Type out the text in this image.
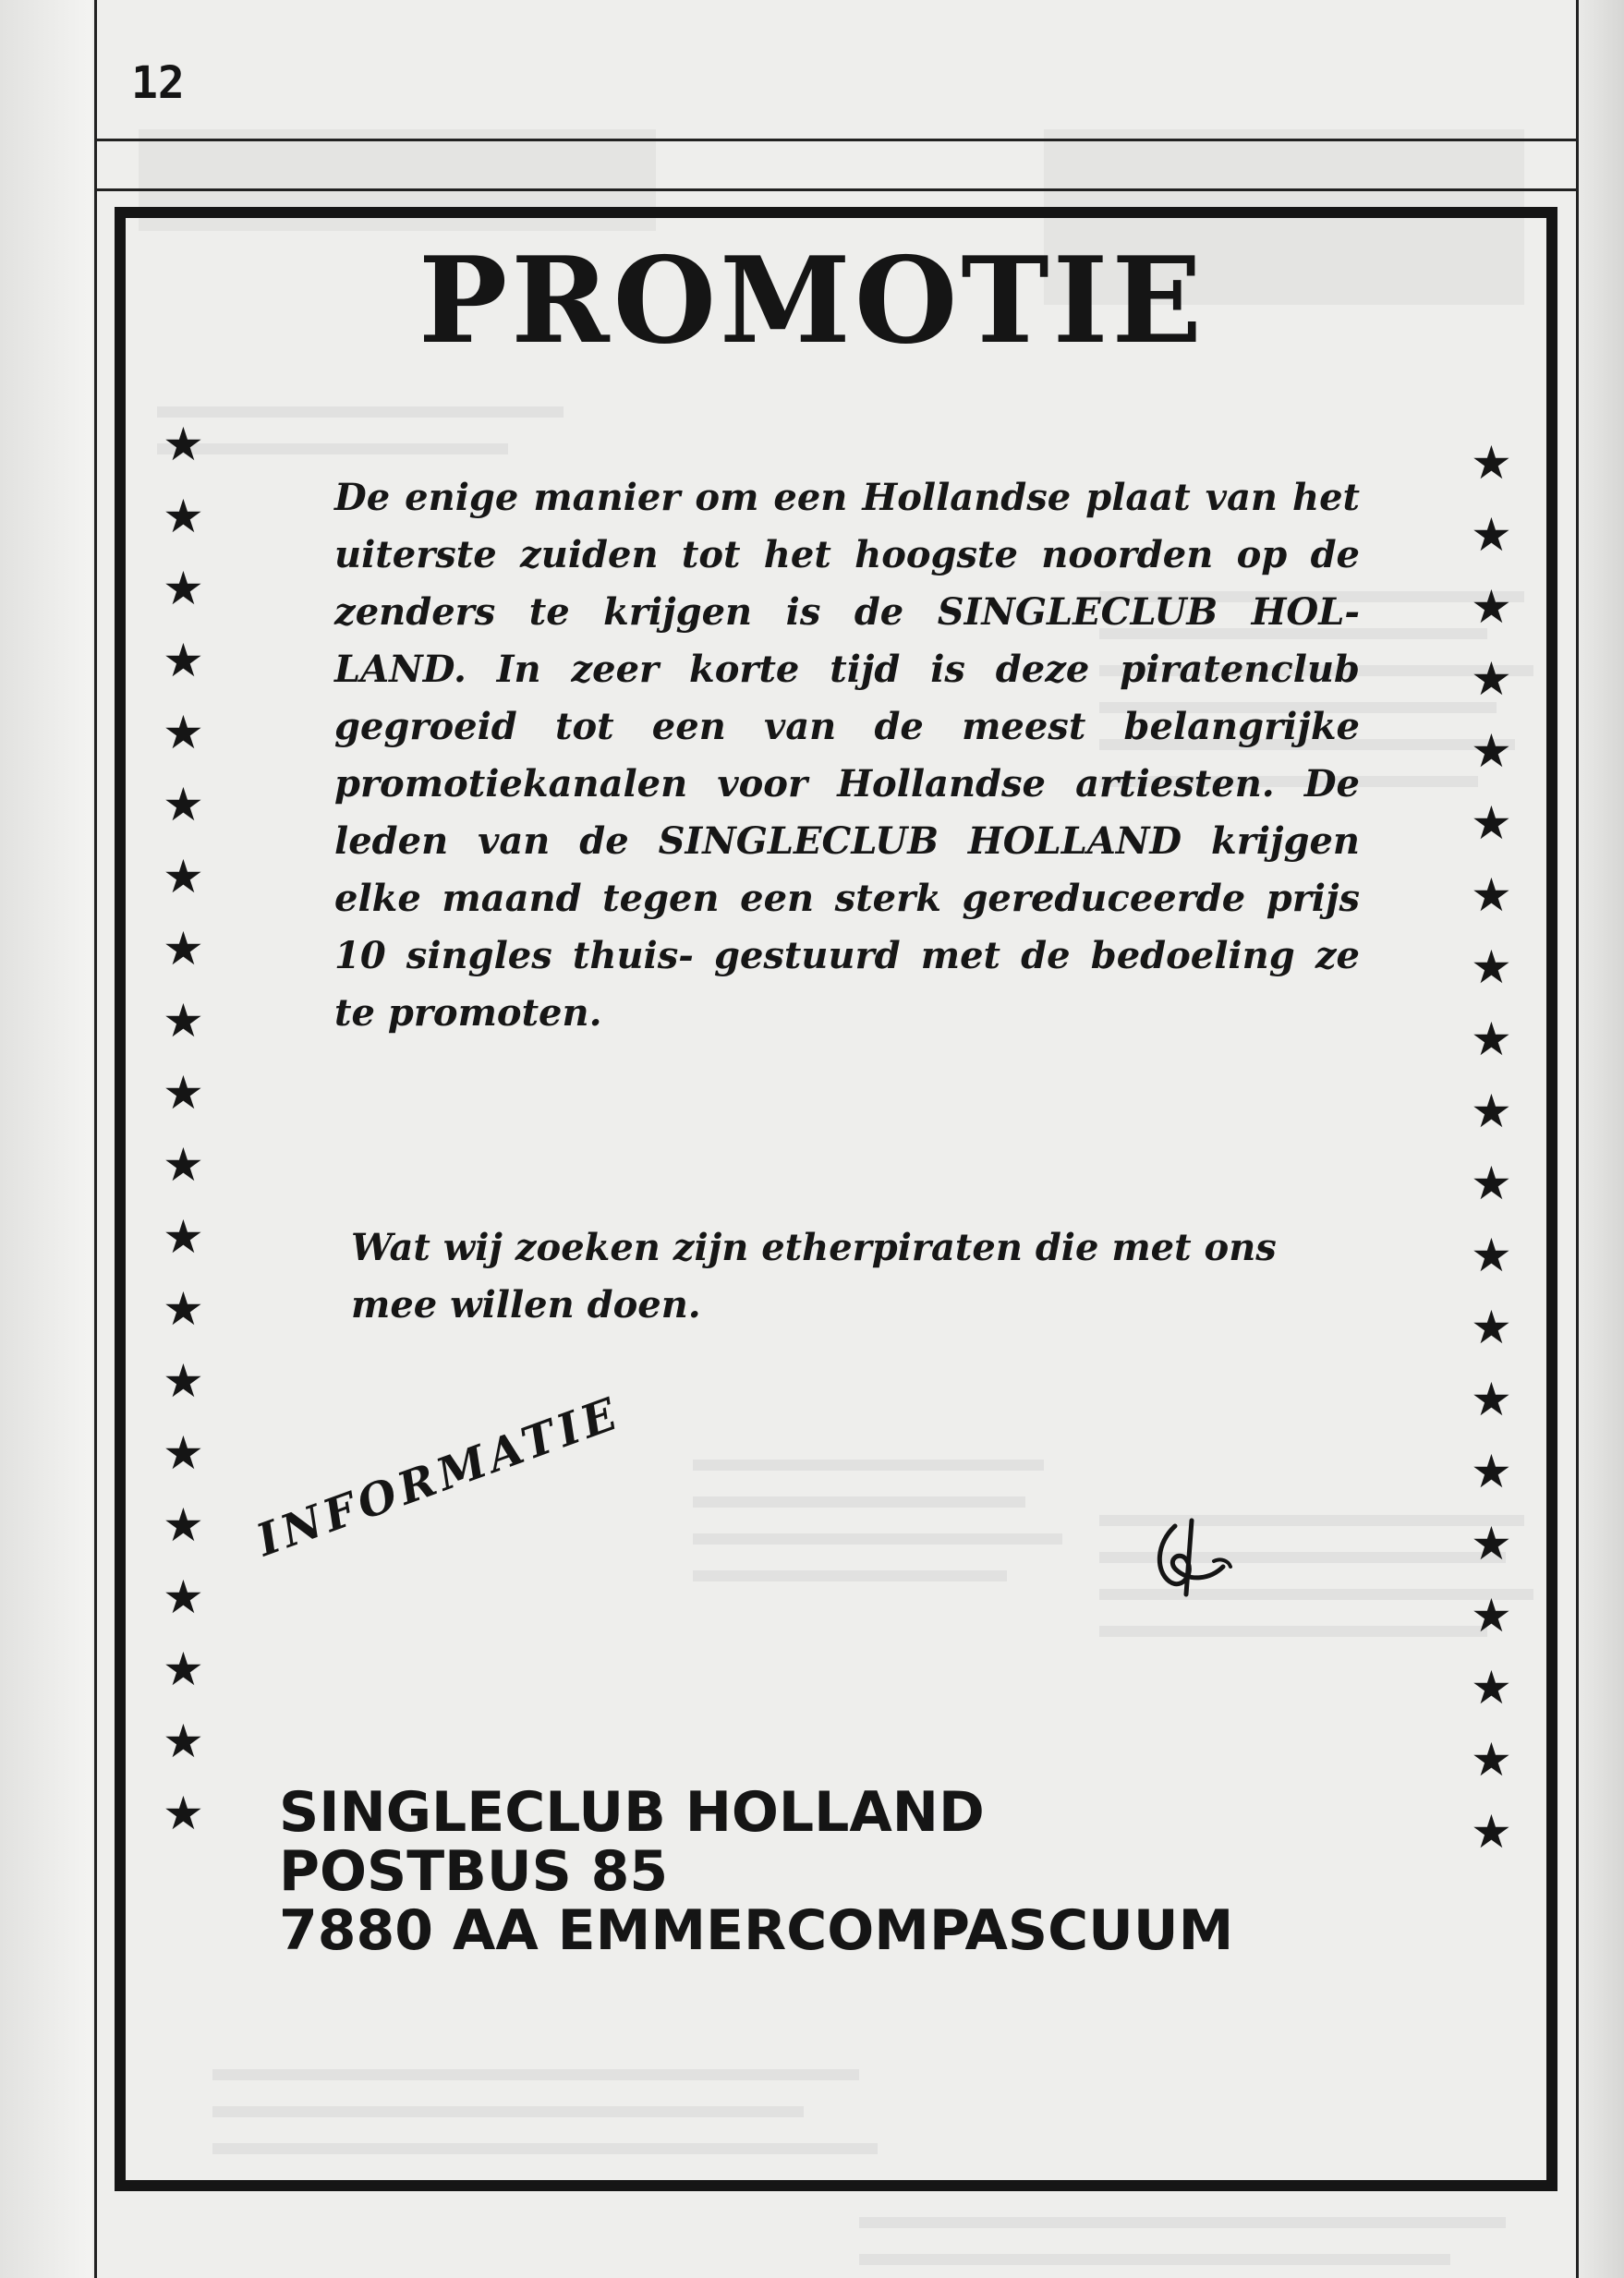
12
PROMOTIE
★
★
★
★
★
★
★
★
★
★
★
★
★
★
★
★
★
★
★
★
★
★
★
★
★
★
★
★
★
★
★
★
★
★
★
★
★
★
★
★

De enige manier om een Hollandse plaat van het uiterste zuiden tot het hoogste noorden op de zenders te krijgen is de SINGLECLUB HOL- LAND. In zeer korte tijd is deze piratenclub gegroeid tot een van de meest belangrijke promotiekanalen voor Hollandse artiesten. De leden van de SINGLECLUB HOLLAND krijgen elke maand tegen een sterk gereduceerde prijs 10 singles thuis- gestuurd met de bedoeling ze te promoten.

Wat wij zoeken zijn etherpiraten die met ons mee willen doen.

INFORMATIE
SINGLECLUB HOLLAND
POSTBUS 85
7880 AA EMMERCOMPASCUUM
